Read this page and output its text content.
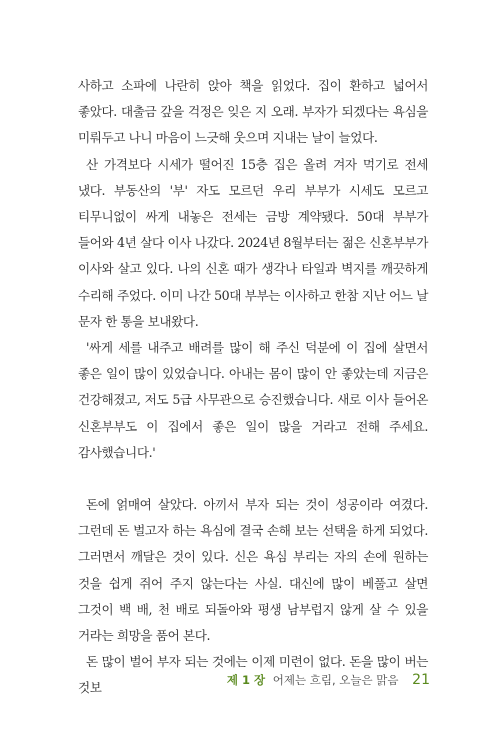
사하고 소파에 나란히 앉아 책을 읽었다. 집이 환하고 넓어서 좋았다. 대출금 갚을 걱정은 잊은 지 오래. 부자가 되겠다는 욕심을 미뤄두고 나니 마음이 느긋해 웃으며 지내는 날이 늘었다.

산 가격보다 시세가 떨어진 15층 집은 올려 겨자 먹기로 전세 냈다. 부동산의 '부' 자도 모르던 우리 부부가 시세도 모르고 티무니없이 싸게 내놓은 전세는 금방 계약됐다. 50대 부부가 들어와 4년 살다 이사 나갔다. 2024년 8월부터는 젊은 신혼부부가 이사와 살고 있다. 나의 신혼 때가 생각나 타일과 벽지를 깨끗하게 수리해 주었다. 이미 나간 50대 부부는 이사하고 한참 지난 어느 날 문자 한 통을 보내왔다.

'싸게 세를 내주고 배려를 많이 해 주신 덕분에 이 집에 살면서 좋은 일이 많이 있었습니다. 아내는 몸이 많이 안 좋았는데 지금은 건강해졌고, 저도 5급 사무관으로 승진했습니다. 새로 이사 들어온 신혼부부도 이 집에서 좋은 일이 많을 거라고 전해 주세요. 감사했습니다.'

돈에 얽매여 살았다. 아끼서 부자 되는 것이 성공이라 여겼다. 그런데 돈 벌고자 하는 욕심에 결국 손해 보는 선택을 하게 되었다. 그러면서 깨달은 것이 있다. 신은 욕심 부리는 자의 손에 원하는 것을 쉽게 쥐어 주지 않는다는 사실. 대신에 많이 베풀고 살면 그것이 백 배, 천 배로 되돌아와 평생 남부럽지 않게 살 수 있을 거라는 희망을 품어 본다.

돈 많이 벌어 부자 되는 것에는 이제 미련이 없다. 돈을 많이 버는 것보

제 1 장 어제는 흐림, 오늘은 맑음 21
